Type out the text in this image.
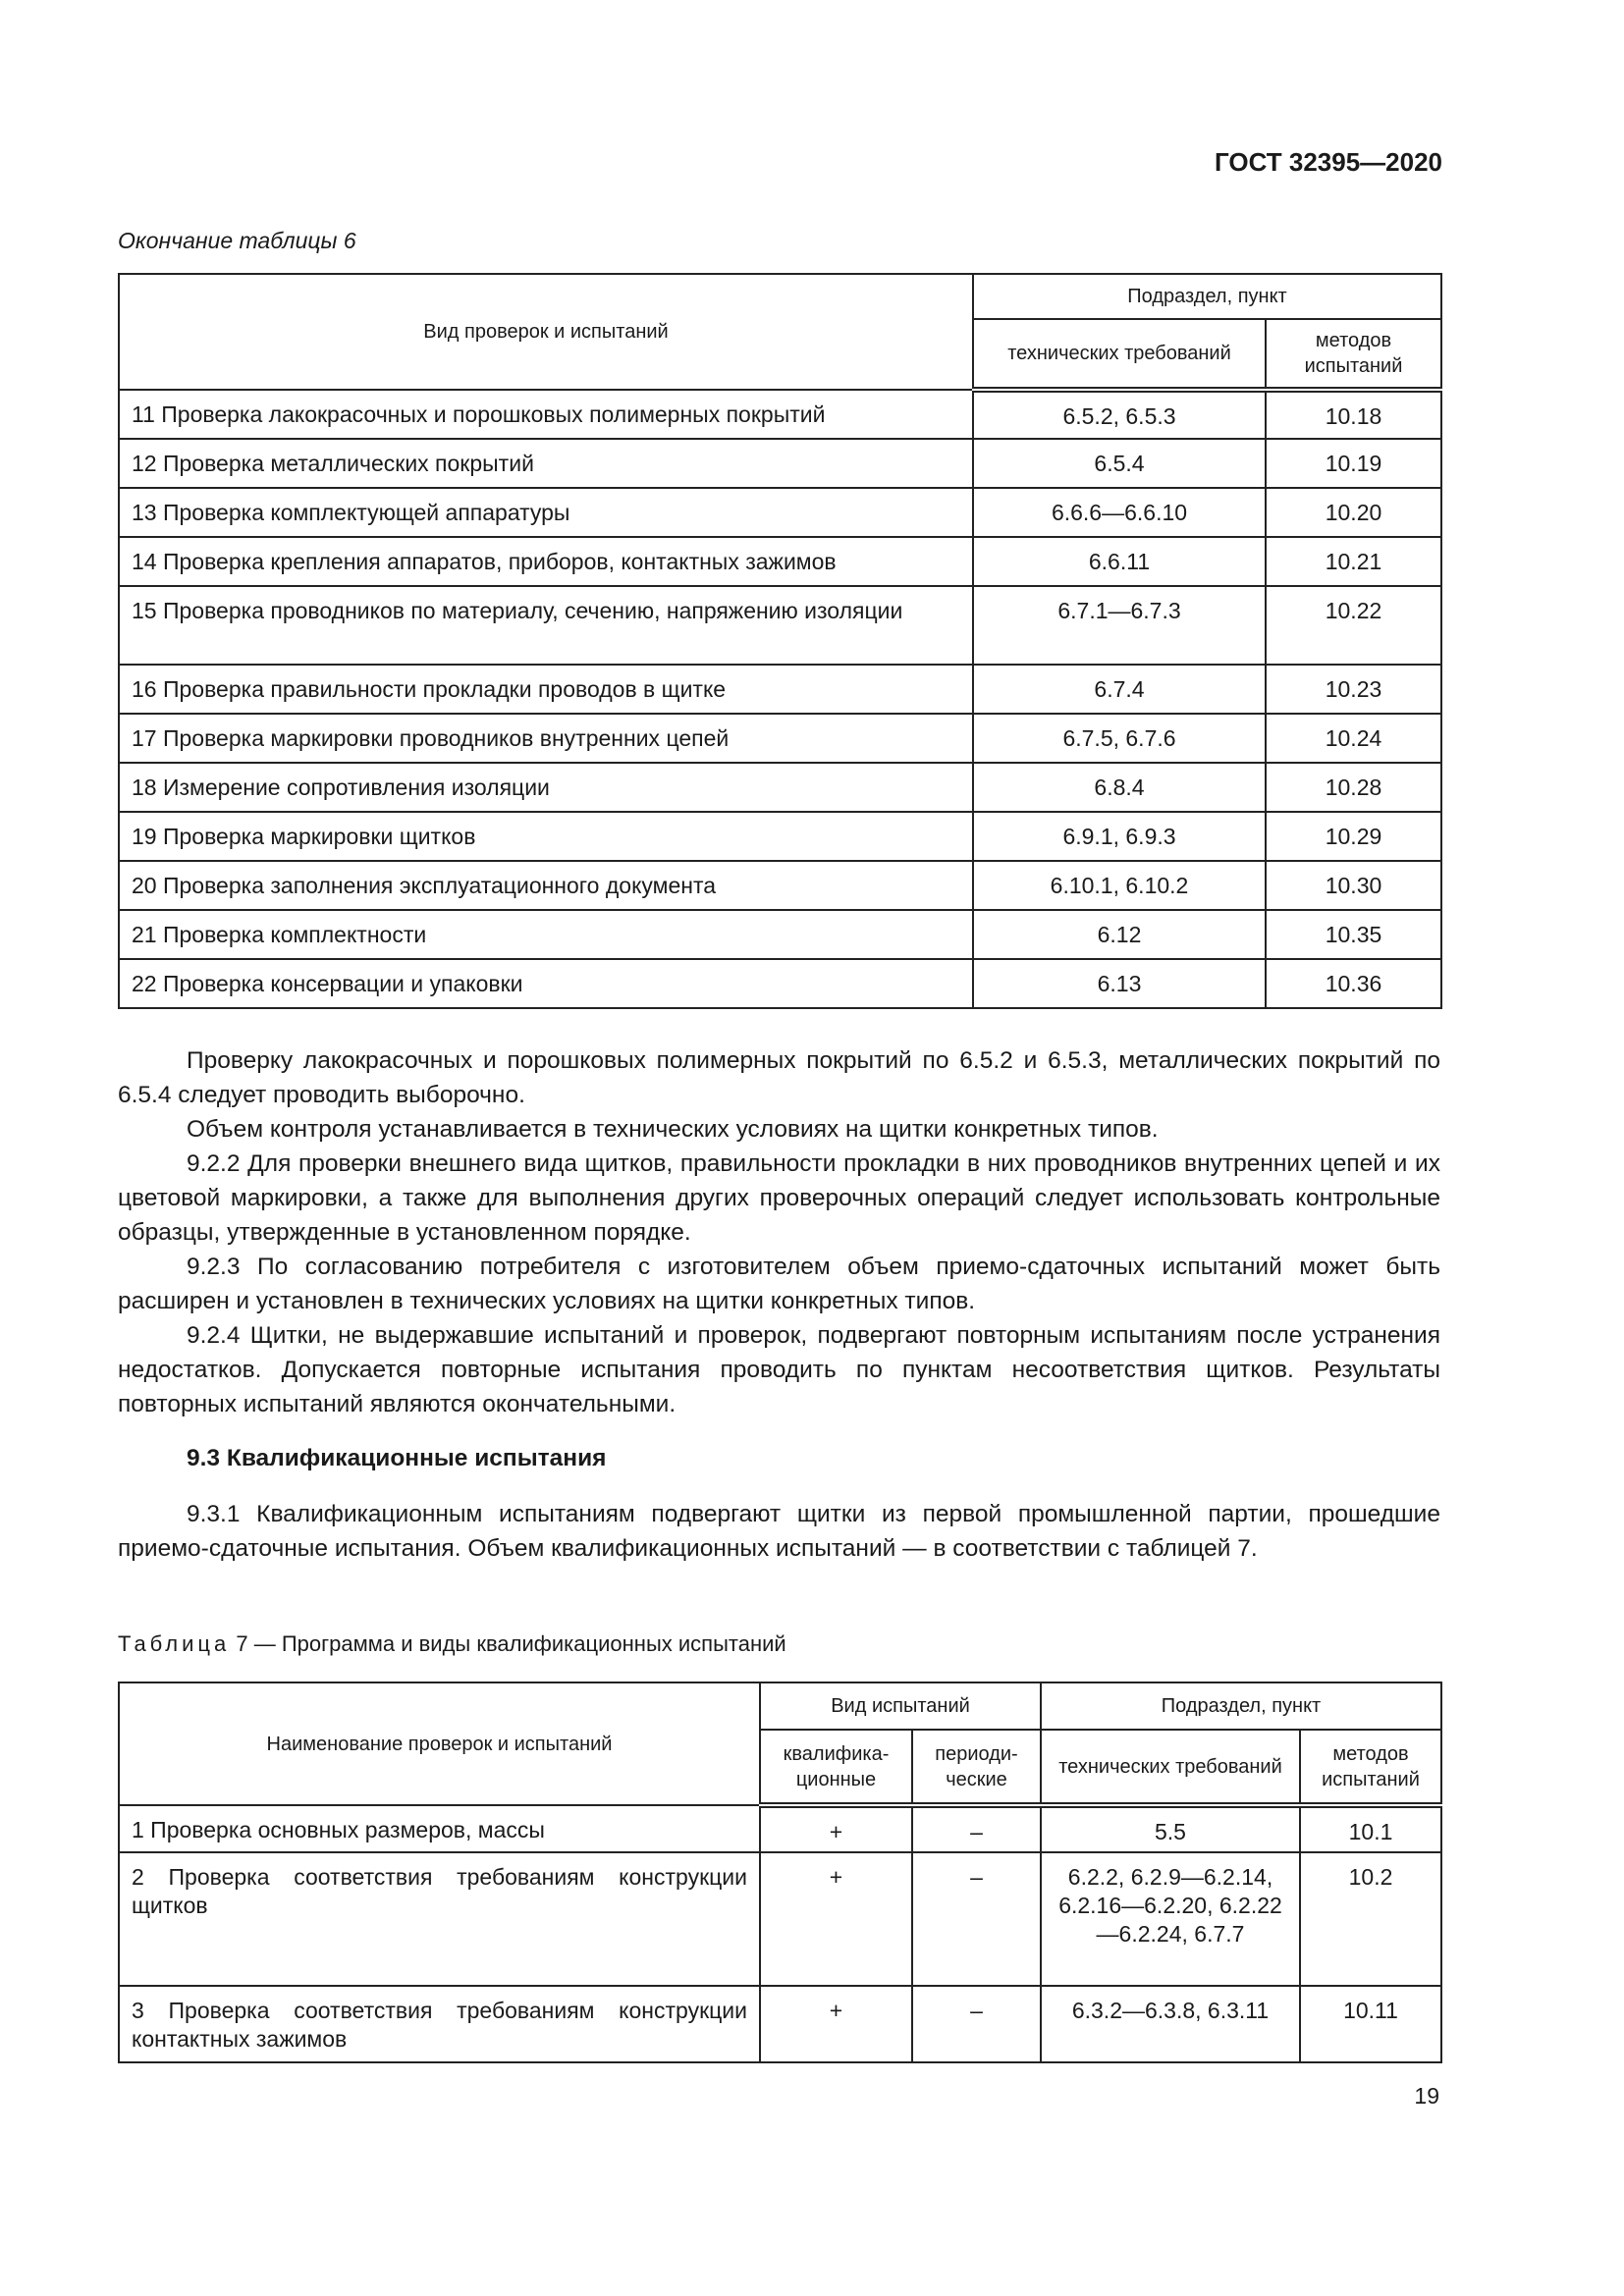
ГОСТ 32395—2020
Окончание таблицы 6
Вид проверок и испытаний	Подраздел, пункт	
	технических требований	методов испытаний
11 Проверка лакокрасочных и порошковых полимерных покрытий	6.5.2, 6.5.3	10.18
12 Проверка металлических покрытий	6.5.4	10.19
13 Проверка комплектующей аппаратуры	6.6.6—6.6.10	10.20
14 Проверка крепления аппаратов, приборов, контактных зажимов	6.6.11	10.21
15 Проверка проводников по материалу, сечению, напряжению изоляции	6.7.1—6.7.3	10.22
16 Проверка правильности прокладки проводов в щитке	6.7.4	10.23
17 Проверка маркировки проводников внутренних цепей	6.7.5, 6.7.6	10.24
18 Измерение сопротивления изоляции	6.8.4	10.28
19 Проверка маркировки щитков	6.9.1, 6.9.3	10.29
20 Проверка заполнения эксплуатационного документа	6.10.1, 6.10.2	10.30
21 Проверка комплектности	6.12	10.35
22 Проверка консервации и упаковки	6.13	10.36

Проверку лакокрасочных и порошковых полимерных покрытий по 6.5.2 и 6.5.3, металлических покрытий по 6.5.4 следует проводить выборочно.

Объем контроля устанавливается в технических условиях на щитки конкретных типов.

9.2.2 Для проверки внешнего вида щитков, правильности прокладки в них проводников внутренних цепей и их цветовой маркировки, а также для выполнения других проверочных операций следует использовать контрольные образцы, утвержденные в установленном порядке.

9.2.3 По согласованию потребителя с изготовителем объем приемо-сдаточных испытаний может быть расширен и установлен в технических условиях на щитки конкретных типов.

9.2.4 Щитки, не выдержавшие испытаний и проверок, подвергают повторным испытаниям после устранения недостатков. Допускается повторные испытания проводить по пунктам несоответствия щитков. Результаты повторных испытаний являются окончательными.

9.3 Квалификационные испытания

9.3.1 Квалификационным испытаниям подвергают щитки из первой промышленной партии, прошедшие приемо-сдаточные испытания. Объем квалификационных испытаний — в соответствии с таблицей 7.

Таблица 7 — Программа и виды квалификационных испытаний
Наименование проверок и испытаний	Вид испытаний		Подраздел, пункт	
	квалифика-ционные	периоди-ческие	технических требований	методов испытаний
1 Проверка основных размеров, массы	+	–	5.5	10.1
2 Проверка соответствия требованиям конструкции щитков	+	–	6.2.2, 6.2.9—6.2.14, 6.2.16—6.2.20, 6.2.22—6.2.24, 6.7.7	10.2
3 Проверка соответствия требованиям конструкции контактных зажимов	+	–	6.3.2—6.3.8, 6.3.11	10.11
19
